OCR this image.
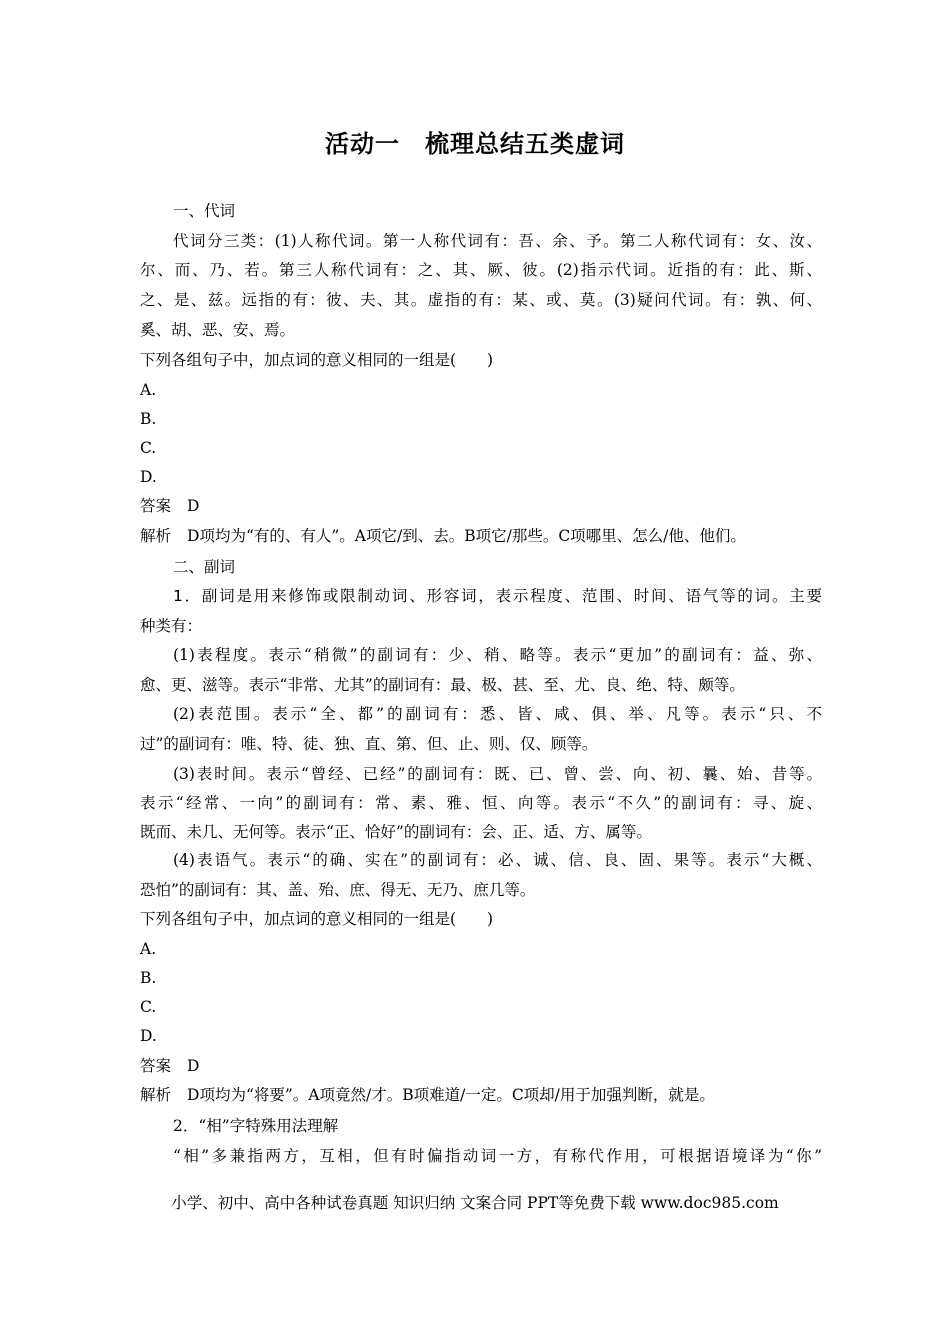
活动一　梳理总结五类虚词
一、代词
代词分三类：(1)人称代词。第一人称代词有：吾、余、予。第二人称代词有：女、汝、
尔、而、乃、若。第三人称代词有：之、其、厥、彼。(2)指示代词。近指的有：此、斯、
之、是、兹。远指的有：彼、夫、其。虚指的有：某、或、莫。(3)疑问代词。有：孰、何、
奚、胡、恶、安、焉。
下列各组句子中，加点词的意义相同的一组是(　　)
A.
B.
C.
D.
答案 D
解析 D项均为“有的、有人”。A项它/到、去。B项它/那些。C项哪里、怎么/他、他们。
二、副词
1．副词是用来修饰或限制动词、形容词，表示程度、范围、时间、语气等的词。主要
种类有：
(1)表程度。表示“稍微”的副词有：少、稍、略等。表示“更加”的副词有：益、弥、
愈、更、滋等。表示“非常、尤其”的副词有：最、极、甚、至、尤、良、绝、特、颇等。
(2)表范围。表示“全、都”的副词有：悉、皆、咸、俱、举、凡等。表示“只、不
过”的副词有：唯、特、徒、独、直、第、但、止、则、仅、顾等。
(3)表时间。表示“曾经、已经”的副词有：既、已、曾、尝、向、初、曩、始、昔等。
表示“经常、一向”的副词有：常、素、雅、恒、向等。表示“不久”的副词有：寻、旋、
既而、未几、无何等。表示“正、恰好”的副词有：会、正、适、方、属等。
(4)表语气。表示“的确、实在”的副词有：必、诚、信、良、固、果等。表示“大概、
恐怕”的副词有：其、盖、殆、庶、得无、无乃、庶几等。
下列各组句子中，加点词的意义相同的一组是(　　)
A.
B.
C.
D.
答案 D
解析 D项均为“将要”。A项竟然/才。B项难道/一定。C项却/用于加强判断，就是。
2．“相”字特殊用法理解
“相”多兼指两方，互相，但有时偏指动词一方，有称代作用，可根据语境译为“你”
小学、初中、高中各种试卷真题 知识归纳 文案合同 PPT等免费下载 www.doc985.com
